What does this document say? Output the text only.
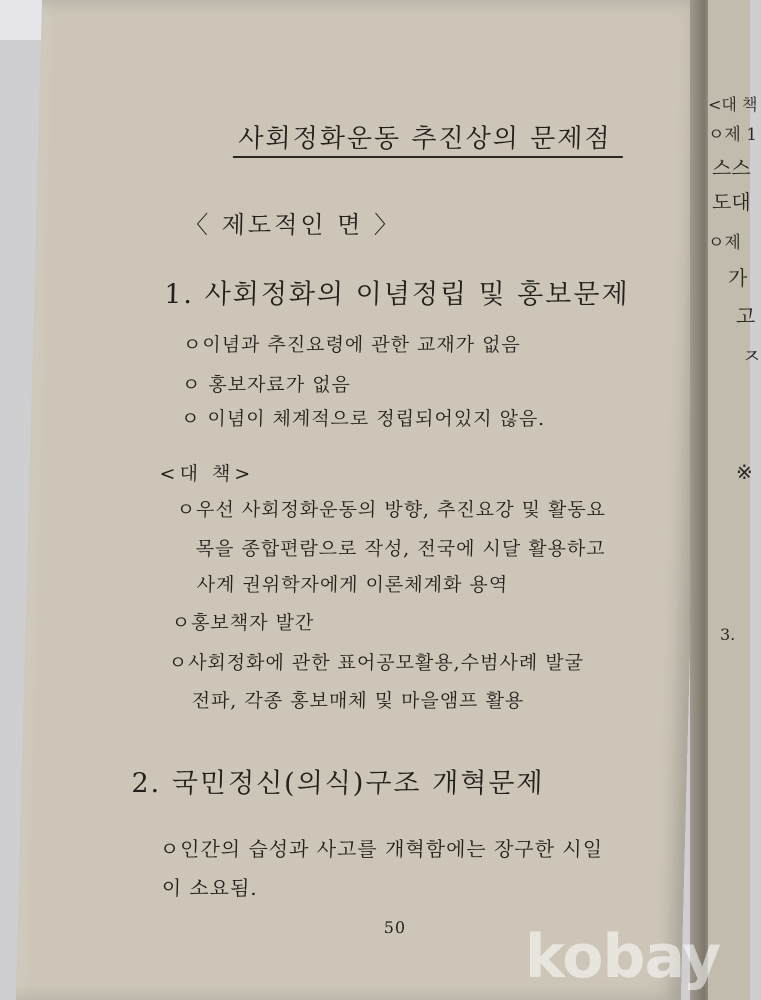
사회정화운동 추진상의 문제점
〈 제도적인 면 〉
1. 사회정화의 이념정립 및 홍보문제
ㅇ이념과 추진요령에 관한 교재가 없음
ㅇ 홍보자료가 없음
ㅇ 이념이 체계적으로 정립되어있지 않음.
<대 책>
ㅇ우선 사회정화운동의 방향, 추진요강 및 활동요
목을 종합편람으로 작성, 전국에 시달 활용하고
사계 권위학자에게 이론체계화 용역
ㅇ홍보책자 발간
ㅇ사회정화에 관한 표어공모활용,수범사례 발굴
전파, 각종 홍보매체 및 마을앰프 활용
2. 국민정신(의식)구조 개혁문제
ㅇ인간의 습성과 사고를 개혁함에는 장구한 시일
이 소요됨.
50
<대 책
ㅇ제 1
스스
도대
ㅇ제
가
고
ㅈ
※
3.
kobay
